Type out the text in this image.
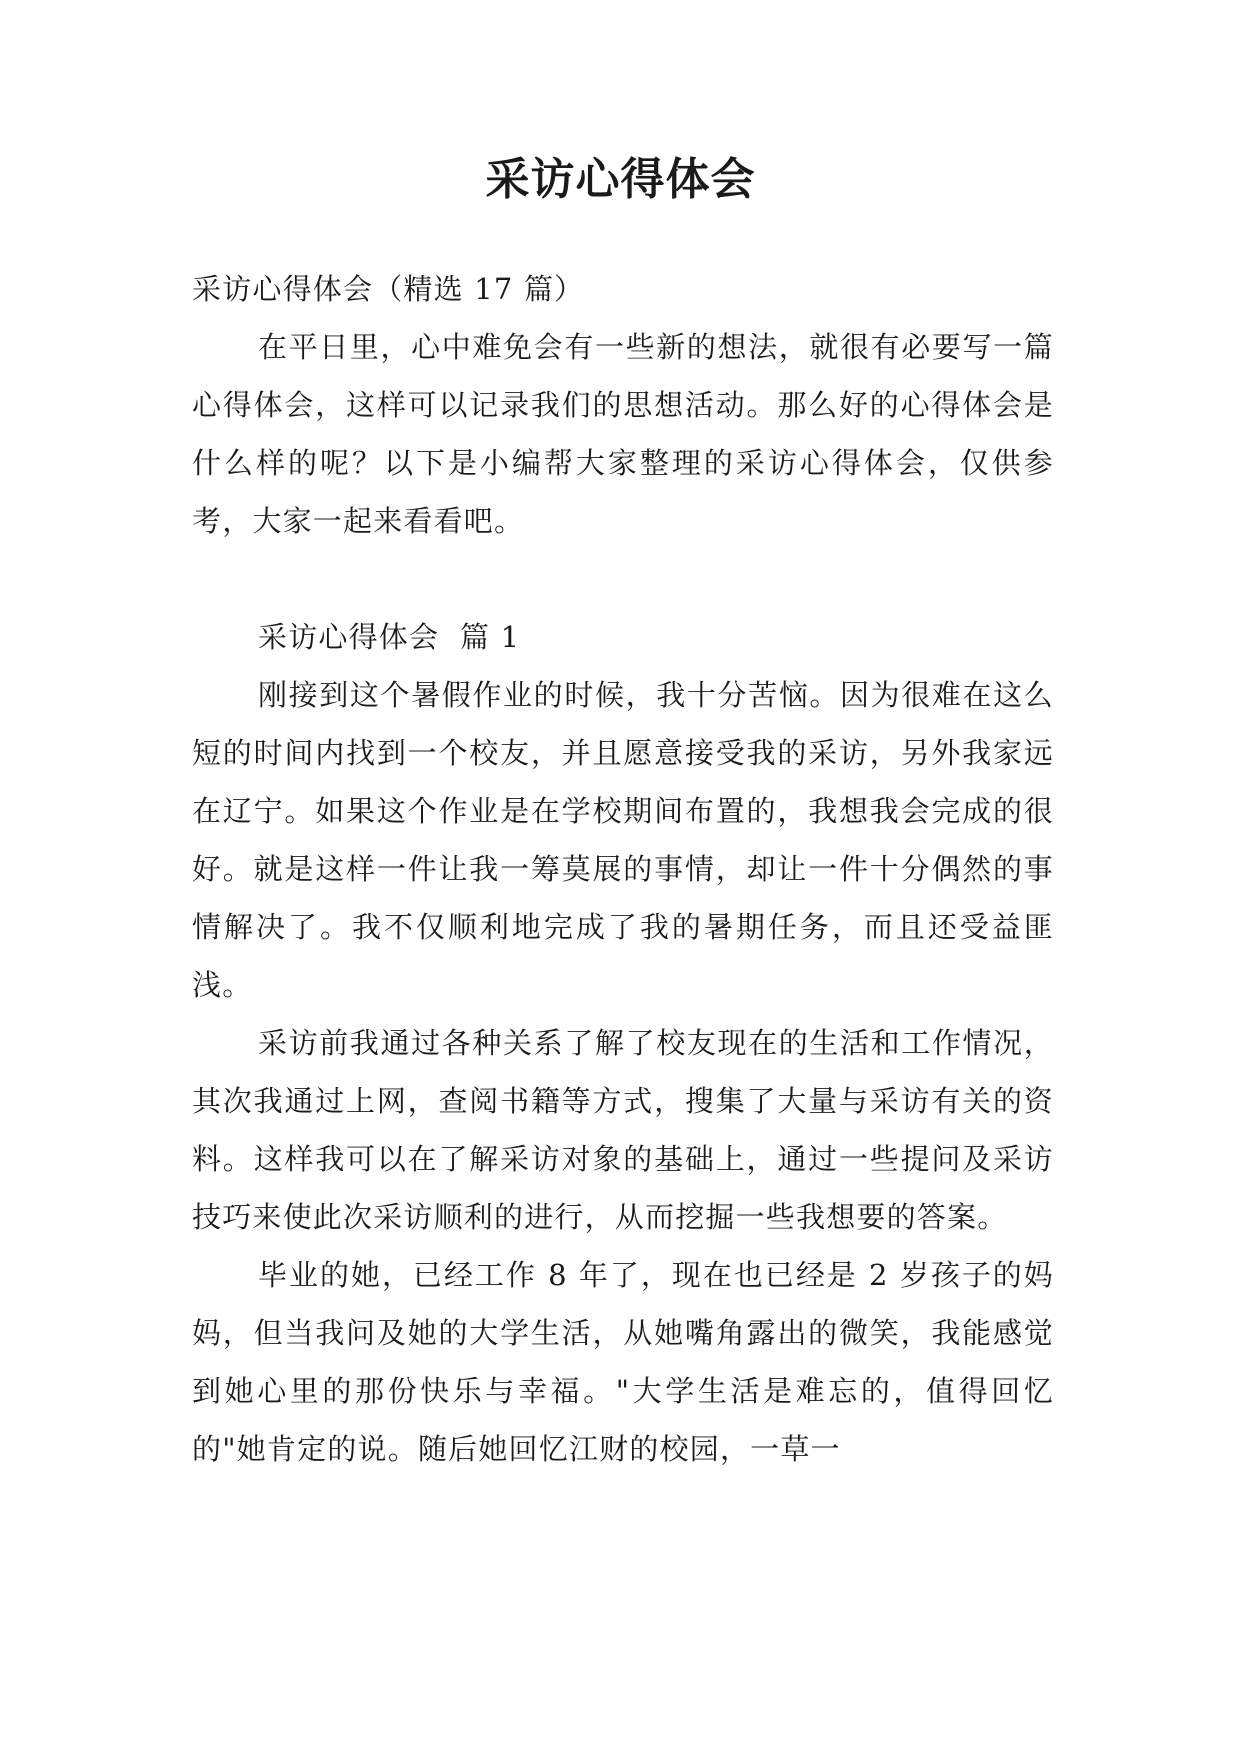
采访心得体会

采访心得体会（精选 17 篇）

在平日里，心中难免会有一些新的想法，就很有必要写一篇心得体会，这样可以记录我们的思想活动。那么好的心得体会是什么样的呢？以下是小编帮大家整理的采访心得体会，仅供参考，大家一起来看看吧。

采访心得体会  篇 1

刚接到这个暑假作业的时候，我十分苦恼。因为很难在这么短的时间内找到一个校友，并且愿意接受我的采访，另外我家远在辽宁。如果这个作业是在学校期间布置的，我想我会完成的很好。就是这样一件让我一筹莫展的事情，却让一件十分偶然的事情解决了。我不仅顺利地完成了我的暑期任务，而且还受益匪浅。

采访前我通过各种关系了解了校友现在的生活和工作情况，其次我通过上网，查阅书籍等方式，搜集了大量与采访有关的资料。这样我可以在了解采访对象的基础上，通过一些提问及采访技巧来使此次采访顺利的进行，从而挖掘一些我想要的答案。

毕业的她，已经工作 8 年了，现在也已经是 2 岁孩子的妈妈，但当我问及她的大学生活，从她嘴角露出的微笑，我能感觉到她心里的那份快乐与幸福。"大学生活是难忘的，值得回忆的"她肯定的说。随后她回忆江财的校园，一草一
